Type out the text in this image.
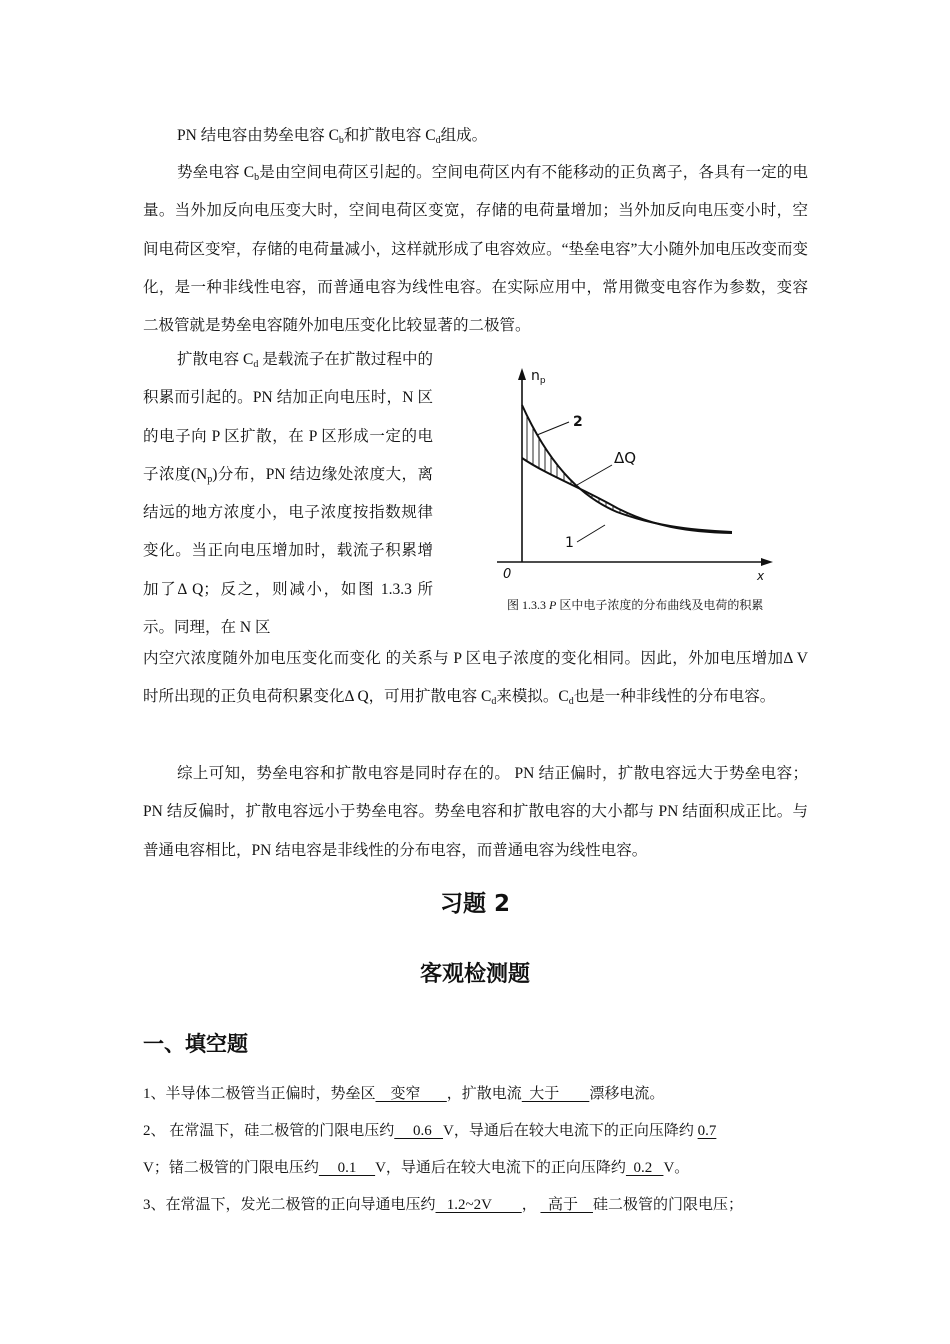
PN 结电容由势垒电容 $C_b$和扩散电容 $C_d$组成。

势垒电容 $C_b$是由空间电荷区引起的。空间电荷区内有不能移动的正负离子，各具有一定的电量。当外加反向电压变大时，空间电荷区变宽，存储的电荷量增加；当外加反向电压变小时，空间电荷区变窄，存储的电荷量减小，这样就形成了电容效应。“垫垒电容”大小随外加电压改变而变化，是一种非线性电容，而普通电容为线性电容。在实际应用中，常用微变电容作为参数，变容二极管就是势垒电容随外加电压变化比较显著的二极管。

扩散电容 $C_d$ 是载流子在扩散过程中的积累而引起的。PN 结加正向电压时，N 区的电子向 P 区扩散，在 P 区形成一定的电子浓度$(N_p)$分布，PN 结边缘处浓度大，离结远的地方浓度小，电子浓度按指数规律变化。当正向电压增加时，载流子积累增加了Δ Q；反之，则减小，如图 1.3.3 所示。同理，在 N 区

$n_p$
x
0
2
1
ΔQ
图 1.3.3 P 区中电子浓度的分布曲线及电荷的积累

内空穴浓度随外加电压变化而变化 的关系与 P 区电子浓度的变化相同。因此，外加电压增加Δ V 时所出现的正负电荷积累变化Δ Q，可用扩散电容 $C_d$来模拟。$C_d$也是一种非线性的分布电容。

综上可知，势垒电容和扩散电容是同时存在的。 PN 结正偏时，扩散电容远大于势垒电容；PN 结反偏时，扩散电容远小于势垒电容。势垒电容和扩散电容的大小都与 PN 结面积成正比。与普通电容相比，PN 结电容是非线性的分布电容，而普通电容为线性电容。

习题 2
客观检测题
一、填空题

1、半导体二极管当正偏时，势垒区    变窄       ，扩散电流  大于        漂移电流。

2、 在常温下，硅二极管的门限电压约     0.6   V，导通后在较大电流下的正向压降约 0.7

V；锗二极管的门限电压约     0.1     V，导通后在较大电流下的正向压降约  0.2   V。

3、在常温下，发光二极管的正向导通电压约   1.2~2V        ，   高于    硅二极管的门限电压；
